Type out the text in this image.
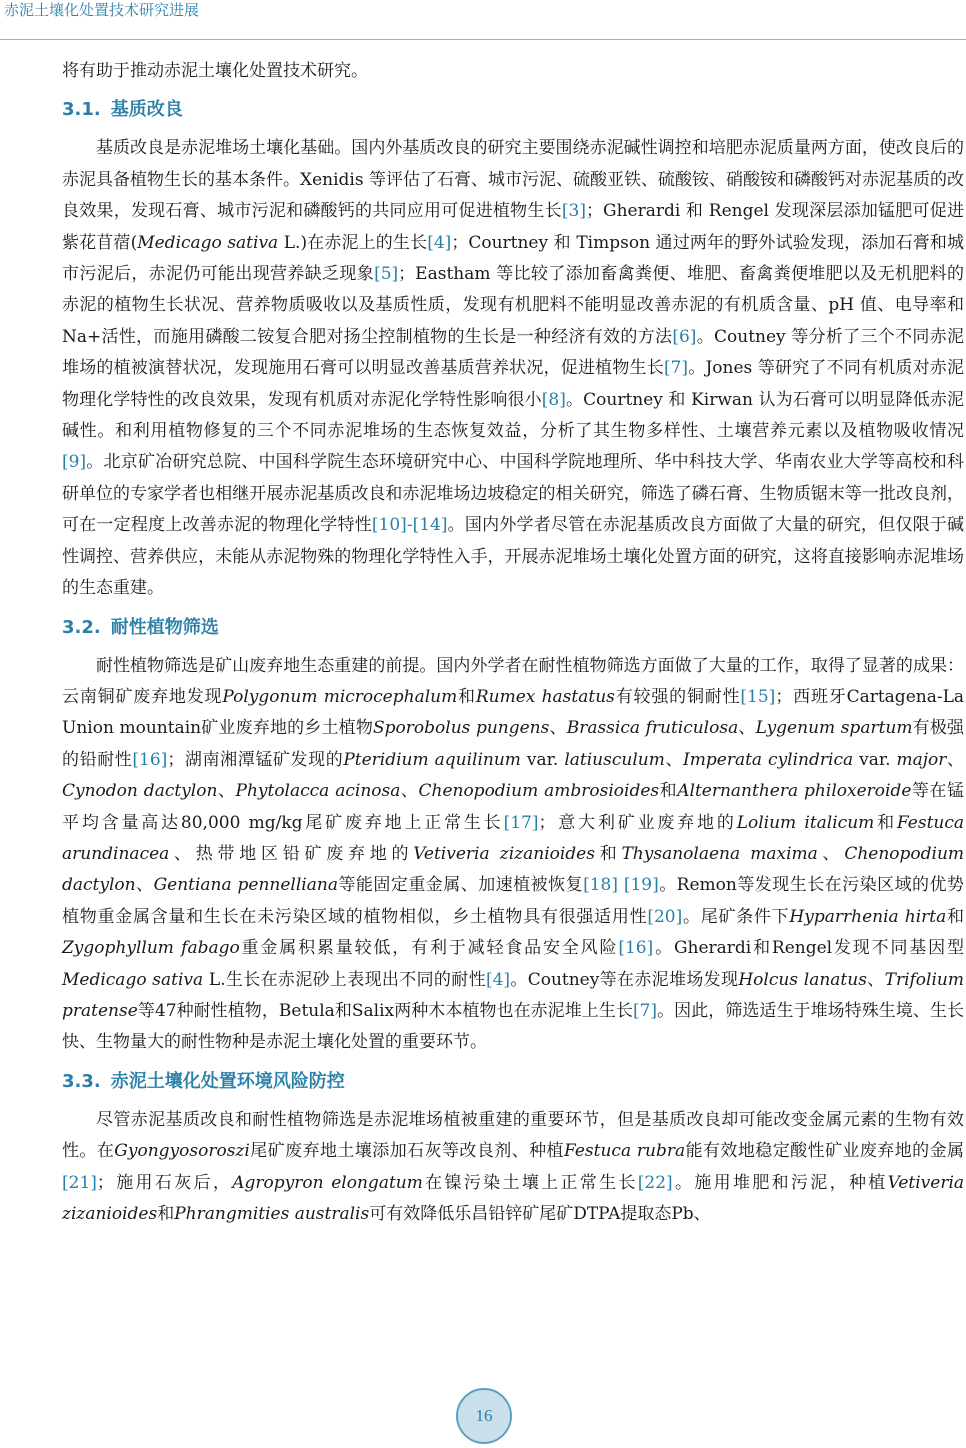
赤泥土壤化处置技术研究进展

将有助于推动赤泥土壤化处置技术研究。

3.1. 基质改良

基质改良是赤泥堆场土壤化基础。国内外基质改良的研究主要围绕赤泥碱性调控和培肥赤泥质量两方面，使改良后的赤泥具备植物生长的基本条件。Xenidis 等评估了石膏、城市污泥、硫酸亚铁、硫酸铵、硝酸铵和磷酸钙对赤泥基质的改良效果，发现石膏、城市污泥和磷酸钙的共同应用可促进植物生长[3]；Gherardi 和 Rengel 发现深层添加锰肥可促进紫花苜蓿(Medicago sativa L.)在赤泥上的生长[4]；Courtney 和 Timpson 通过两年的野外试验发现，添加石膏和城市污泥后，赤泥仍可能出现营养缺乏现象[5]；Eastham 等比较了添加畜禽粪便、堆肥、畜禽粪便堆肥以及无机肥料的赤泥的植物生长状况、营养物质吸收以及基质性质，发现有机肥料不能明显改善赤泥的有机质含量、pH 值、电导率和 Na+活性，而施用磷酸二铵复合肥对扬尘控制植物的生长是一种经济有效的方法[6]。Coutney 等分析了三个不同赤泥堆场的植被演替状况，发现施用石膏可以明显改善基质营养状况，促进植物生长[7]。Jones 等研究了不同有机质对赤泥物理化学特性的改良效果，发现有机质对赤泥化学特性影响很小[8]。Courtney 和 Kirwan 认为石膏可以明显降低赤泥碱性。和利用植物修复的三个不同赤泥堆场的生态恢复效益，分析了其生物多样性、土壤营养元素以及植物吸收情况[9]。北京矿冶研究总院、中国科学院生态环境研究中心、中国科学院地理所、华中科技大学、华南农业大学等高校和科研单位的专家学者也相继开展赤泥基质改良和赤泥堆场边坡稳定的相关研究，筛选了磷石膏、生物质锯末等一批改良剂，可在一定程度上改善赤泥的物理化学特性[10]-[14]。国内外学者尽管在赤泥基质改良方面做了大量的研究，但仅限于碱性调控、营养供应，未能从赤泥物殊的物理化学特性入手，开展赤泥堆场土壤化处置方面的研究，这将直接影响赤泥堆场的生态重建。

3.2. 耐性植物筛选

耐性植物筛选是矿山废弃地生态重建的前提。国内外学者在耐性植物筛选方面做了大量的工作，取得了显著的成果：云南铜矿废弃地发现Polygonum microcephalum和Rumex hastatus有较强的铜耐性[15]；西班牙Cartagena-La Union mountain矿业废弃地的乡土植物Sporobolus pungens、Brassica fruticulosa、Lygenum spartum有极强的铅耐性[16]；湖南湘潭锰矿发现的Pteridium aquilinum var. latiusculum、Imperata cylindrica var. major、Cynodon dactylon、Phytolacca acinosa、Chenopodium ambrosioides和Alternanthera philoxeroide等在锰平均含量高达80,000 mg/kg尾矿废弃地上正常生长[17]；意大利矿业废弃地的Lolium italicum和Festuca arundinacea、热带地区铅矿废弃地的Vetiveria zizanioides和Thysanolaena maxima、Chenopodium dactylon、Gentiana pennelliana等能固定重金属、加速植被恢复[18] [19]。Remon等发现生长在污染区域的优势植物重金属含量和生长在未污染区域的植物相似，乡土植物具有很强适用性[20]。尾矿条件下Hyparrhenia hirta和Zygophyllum fabago重金属积累量较低，有利于减轻食品安全风险[16]。Gherardi和Rengel发现不同基因型Medicago sativa L.生长在赤泥砂上表现出不同的耐性[4]。Coutney等在赤泥堆场发现Holcus lanatus、Trifolium pratense等47种耐性植物，Betula和Salix两种木本植物也在赤泥堆上生长[7]。因此，筛选适生于堆场特殊生境、生长快、生物量大的耐性物种是赤泥土壤化处置的重要环节。

3.3. 赤泥土壤化处置环境风险防控

尽管赤泥基质改良和耐性植物筛选是赤泥堆场植被重建的重要环节，但是基质改良却可能改变金属元素的生物有效性。在Gyongyosoroszi尾矿废弃地土壤添加石灰等改良剂、种植Festuca rubra能有效地稳定酸性矿业废弃地的金属[21]；施用石灰后，Agropyron elongatum在镍污染土壤上正常生长[22]。施用堆肥和污泥，种植Vetiveria zizanioides和Phrangmities australis可有效降低乐昌铅锌矿尾矿DTPA提取态Pb、

16
